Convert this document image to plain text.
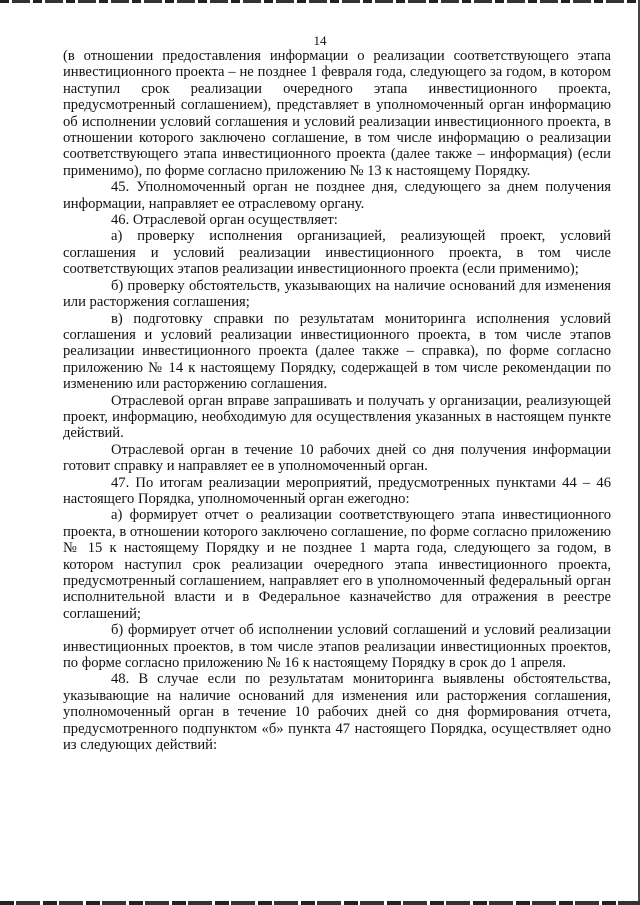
14

(в отношении предоставления информации о реализации соответствующего этапа инвестиционного проекта – не позднее 1 февраля года, следующего за годом, в котором наступил срок реализации очередного этапа инвестиционного проекта, предусмотренный соглашением), представляет в уполномоченный орган информацию об исполнении условий соглашения и условий реализации инвестиционного проекта, в отношении которого заключено соглашение, в том числе информацию о реализации соответствующего этапа инвестиционного проекта (далее также – информация) (если применимо), по форме согласно приложению № 13 к настоящему Порядку.

45. Уполномоченный орган не позднее дня, следующего за днем получения информации, направляет ее отраслевому органу.

46. Отраслевой орган осуществляет:

а) проверку исполнения организацией, реализующей проект, условий соглашения и условий реализации инвестиционного проекта, в том числе соответствующих этапов реализации инвестиционного проекта (если применимо);

б) проверку обстоятельств, указывающих на наличие оснований для изменения или расторжения соглашения;

в) подготовку справки по результатам мониторинга исполнения условий соглашения и условий реализации инвестиционного проекта, в том числе этапов реализации инвестиционного проекта (далее также – справка), по форме согласно приложению № 14 к настоящему Порядку, содержащей в том числе рекомендации по изменению или расторжению соглашения.

Отраслевой орган вправе запрашивать и получать у организации, реализующей проект, информацию, необходимую для осуществления указанных в настоящем пункте действий.

Отраслевой орган в течение 10 рабочих дней со дня получения информации готовит справку и направляет ее в уполномоченный орган.

47. По итогам реализации мероприятий, предусмотренных пунктами 44 – 46 настоящего Порядка, уполномоченный орган ежегодно:

а) формирует отчет о реализации соответствующего этапа инвестиционного проекта, в отношении которого заключено соглашение, по форме согласно приложению № 15 к настоящему Порядку и не позднее 1 марта года, следующего за годом, в котором наступил срок реализации очередного этапа инвестиционного проекта, предусмотренный соглашением, направляет его в уполномоченный федеральный орган исполнительной власти и в Федеральное казначейство для отражения в реестре соглашений;

б) формирует отчет об исполнении условий соглашений и условий реализации инвестиционных проектов, в том числе этапов реализации инвестиционных проектов, по форме согласно приложению № 16 к настоящему Порядку в срок до 1 апреля.

48. В случае если по результатам мониторинга выявлены обстоятельства, указывающие на наличие оснований для изменения или расторжения соглашения, уполномоченный орган в течение 10 рабочих дней со дня формирования отчета, предусмотренного подпунктом «б» пункта 47 настоящего Порядка, осуществляет одно из следующих действий:
